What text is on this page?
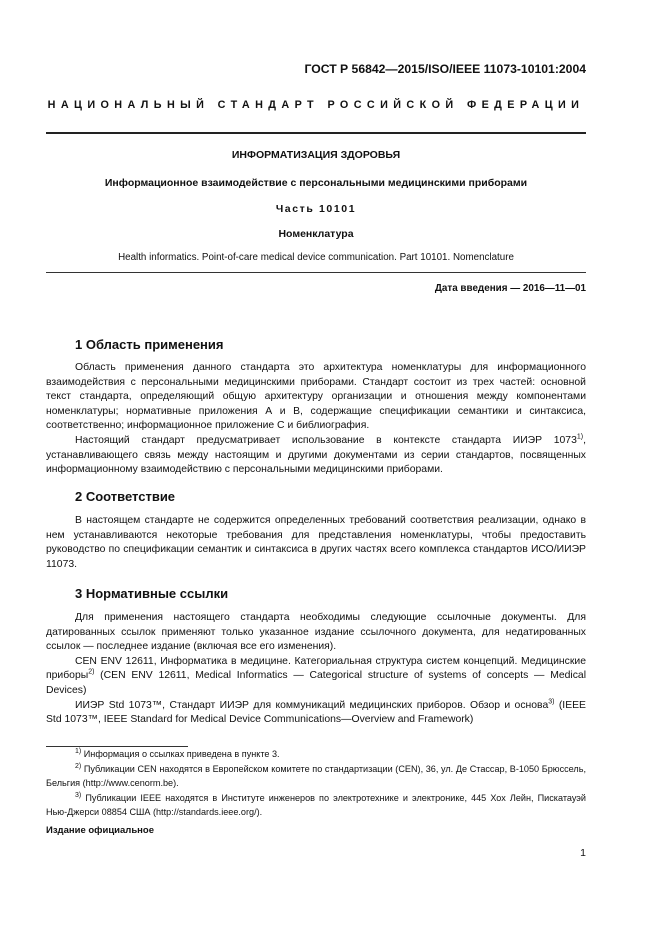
ГОСТ Р 56842—2015/ISO/IEEE 11073-10101:2004
НАЦИОНАЛЬНЫЙ СТАНДАРТ РОССИЙСКОЙ ФЕДЕРАЦИИ
ИНФОРМАТИЗАЦИЯ ЗДОРОВЬЯ
Информационное взаимодействие с персональными медицинскими приборами
Часть 10101
Номенклатура
Health informatics. Point-of-care medical device communication. Part 10101. Nomenclature
Дата введения — 2016—11—01
1 Область применения

Область применения данного стандарта это архитектура номенклатуры для информационного взаимодействия с персональными медицинскими приборами. Стандарт состоит из трех частей: основной текст стандарта, определяющий общую архитектуру организации и отношения между компонентами номенклатуры; нормативные приложения А и В, содержащие спецификации семантики и синтаксиса, соответственно; информационное приложение С и библиография.

Настоящий стандарт предусматривает использование в контексте стандарта ИИЭР 1073$^{1)}$, устанавливающего связь между настоящим и другими документами из серии стандартов, посвященных информационному взаимодействию с персональными медицинскими приборами.

2 Соответствие

В настоящем стандарте не содержится определенных требований соответствия реализации, однако в нем устанавливаются некоторые требования для представления номенклатуры, чтобы предоставить руководство по спецификации семантик и синтаксиса в других частях всего комплекса стандартов ИСО/ИИЭР 11073.

3 Нормативные ссылки

Для применения настоящего стандарта необходимы следующие ссылочные документы. Для датированных ссылок применяют только указанное издание ссылочного документа, для недатированных ссылок — последнее издание (включая все его изменения).

CEN ENV 12611, Информатика в медицине. Категориальная структура систем концепций. Медицинские приборы$^{2)}$ (CEN ENV 12611, Medical Informatics — Categorical structure of systems of concepts — Medical Devices)

ИИЭР Std 1073™, Стандарт ИИЭР для коммуникаций медицинских приборов. Обзор и основа$^{3)}$ (IEEE Std 1073™, IEEE Standard for Medical Device Communications—Overview and Framework)

$^{1)}$ Информация о ссылках приведена в пункте 3.

$^{2)}$ Публикации CEN находятся в Европейском комитете по стандартизации (CEN), 36, ул. Де Стассар, B-1050 Брюссель, Бельгия (http://www.cenorm.be).

$^{3)}$ Публикации IEEE находятся в Институте инженеров по электротехнике и электронике, 445 Хох Лейн, Пискатауэй Нью-Джерси 08854 США (http://standards.ieee.org/).

Издание официальное
1
